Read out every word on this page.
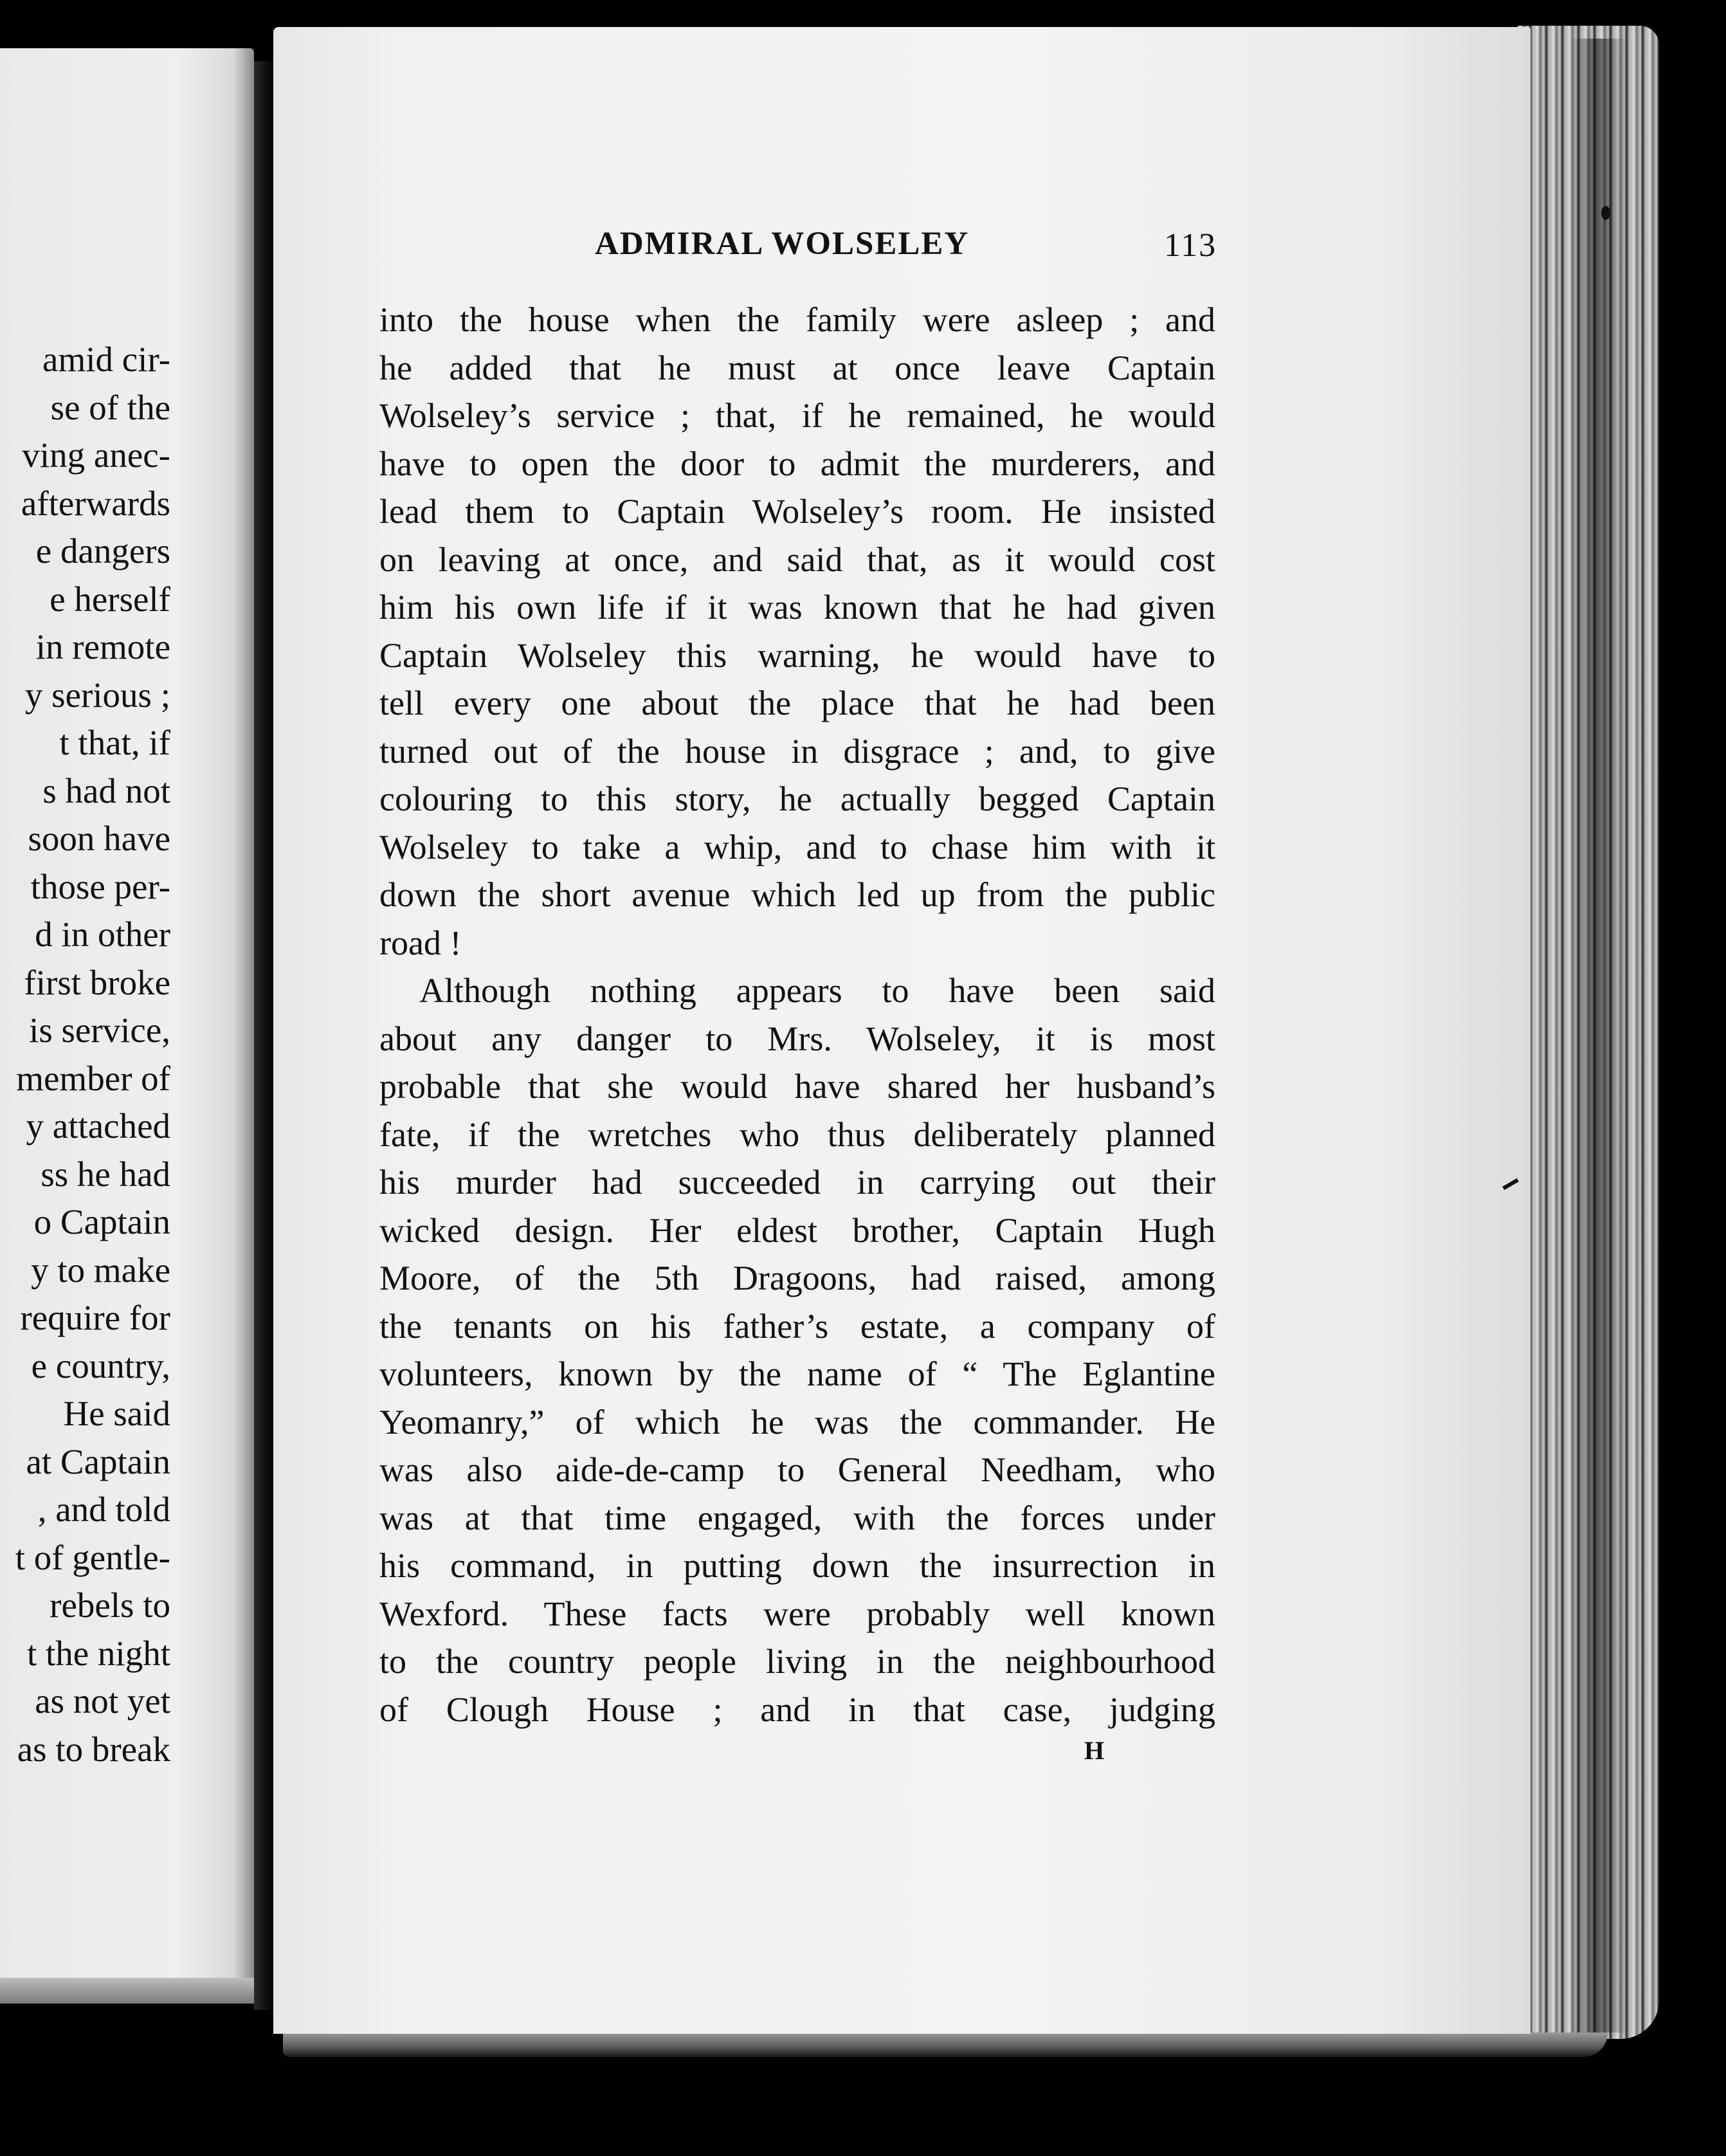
amid cir-
se of the
ving anec-
afterwards
e dangers
e herself
in remote
y serious ;
t that, if
s had not
soon have
those per-
d in other
first broke
is service,
member of
y attached
ss he had
o Captain
y to make
require for
e country,
He said
at Captain
, and told
t of gentle-
rebels to
t the night
as not yet
as to break
ADMIRAL WOLSELEY	113
into the house when the family were asleep ; and
he added that he must at once leave Captain
Wolseley’s service ; that, if he remained, he would
have to open the door to admit the murderers, and
lead them to Captain Wolseley’s room. He insisted
on leaving at once, and said that, as it would cost
him his own life if it was known that he had given
Captain Wolseley this warning, he would have to
tell every one about the place that he had been
turned out of the house in disgrace ; and, to give
colouring to this story, he actually begged Captain
Wolseley to take a whip, and to chase him with it
down the short avenue which led up from the public
road !
Although nothing appears to have been said
about any danger to Mrs. Wolseley, it is most
probable that she would have shared her husband’s
fate, if the wretches who thus deliberately planned
his murder had succeeded in carrying out their
wicked design. Her eldest brother, Captain Hugh
Moore, of the 5th Dragoons, had raised, among
the tenants on his father’s estate, a company of
volunteers, known by the name of “ The Eglantine
Yeomanry,” of which he was the commander. He
was also aide-de-camp to General Needham, who
was at that time engaged, with the forces under
his command, in putting down the insurrection in
Wexford. These facts were probably well known
to the country people living in the neighbourhood
of Clough House ; and in that case, judging
H
